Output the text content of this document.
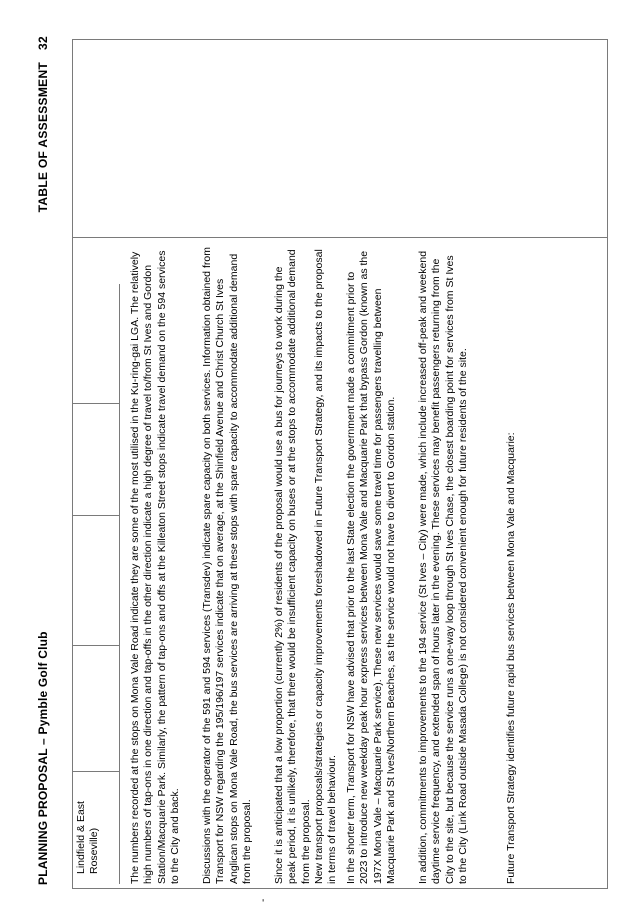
PLANNING PROPOSAL – Pymble Golf Club
TABLE OF ASSESSMENT32
Lindfield & East Roseville)	The numbers recorded at the stops on Mona Vale Road indicate they are some of the most utilised in the Ku-ring-gai LGA. The relatively high numbers of tap-ons in one direction and tap-offs in the other direction indicate a high degree of travel to/from St Ives and Gordon Station/Macquarie Park. Similarly, the pattern of tap-ons and offs at the Killeaton Street stops indicate travel demand on the 594 services to the City and back. Discussions with the operator of the 591 and 594 services (Transdev) indicate spare capacity on both services. Information obtained from Transport for NSW regarding the 195/196/197 services indicate that on average, at the Shinfield Avenue and Christ Church St Ives Anglican stops on Mona Vale Road, the bus services are arriving at these stops with spare capacity to accommodate additional demand from the proposal. Since it is anticipated that a low proportion (currently 2%) of residents of the proposal would use a bus for journeys to work during the peak period, it is unlikely, therefore, that there would be insufficient capacity on buses or at the stops to accommodate additional demand from the proposal. New transport proposals/strategies or capacity improvements foreshadowed in Future Transport Strategy, and its impacts to the proposal in terms of travel behaviour. In the shorter term, Transport for NSW have advised that prior to the last State election the government made a commitment prior to 2023 to introduce new weekday peak hour express services between Mona Vale and Macquarie Park that bypass Gordon (known as the 197X Mona Vale – Macquarie Park service). These new services would save some travel time for passengers travelling between Macquarie Park and St Ives/Northern Beaches, as the service would not have to divert to Gordon station. In addition, commitments to improvements to the 194 service (St Ives – City) were made, which include increased off-peak and weekend daytime service frequency, and extended span of hours later in the evening. These services may benefit passengers returning from the City to the site, but because the service runs a one-way loop through St Ives Chase, the closest boarding point for services from St Ives to the City (Link Road outside Masada College) is not considered convenient enough for future residents of the site.	Future Transport Strategy identifies future rapid bus services between Mona Vale and Macquarie:

-
